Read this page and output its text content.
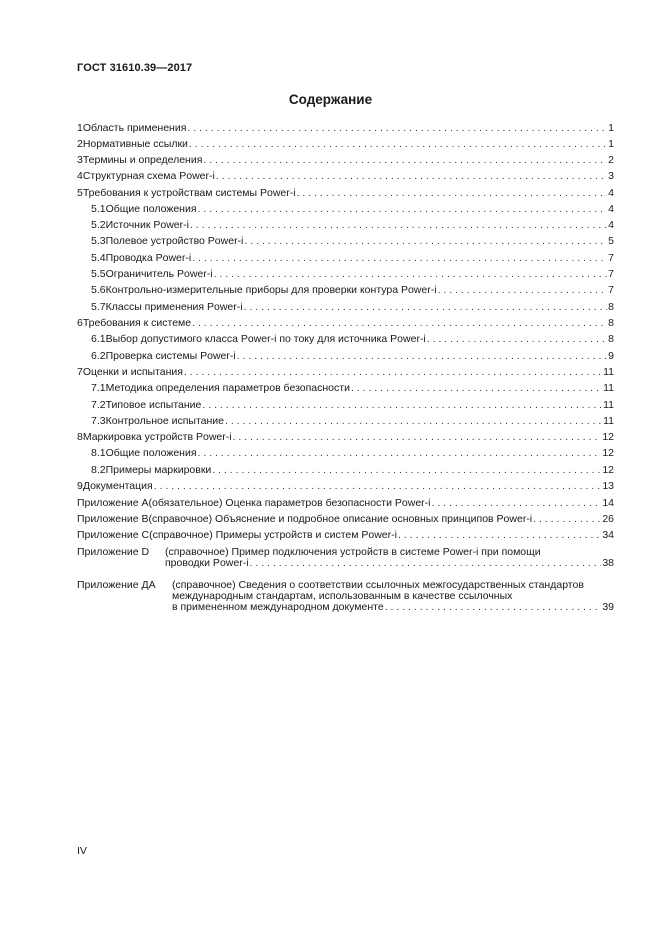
ГОСТ 31610.39—2017
Содержание
1 Область применения . . .	1
2 Нормативные ссылки . . .	1
3 Термины и определения . . .	2
4 Структурная схема Power-i . . .	3
5 Требования к устройствам системы Power-i . . .	4
5.1 Общие положения . . .	4
5.2 Источник Power-i . . .	4
5.3 Полевое устройство Power-i . . .	5
5.4 Проводка Power-i . . .	7
5.5 Ограничитель Power-i . . .	7
5.6 Контрольно-измерительные приборы для проверки контура Power-i . . .	7
5.7 Классы применения Power-i . . .	8
6 Требования к системе . . .	8
6.1 Выбор допустимого класса Power-i по току для источника Power-i . . .	8
6.2 Проверка системы Power-i . . .	9
7 Оценки и испытания . . .	11
7.1 Методика определения параметров безопасности . . .	11
7.2 Типовое испытание . . .	11
7.3 Контрольное испытание . . .	11
8 Маркировка устройств Power-i . . .	12
8.1 Общие положения . . .	12
8.2 Примеры маркировки . . .	12
9 Документация . . .	13
Приложение А (обязательное) Оценка параметров безопасности Power-i . . .	14
Приложение В (справочное) Объяснение и подробное описание основных принципов Power-i . . .	26
Приложение С (справочное) Примеры устройств и систем Power-i . . .	34
Приложение D (справочное) Пример подключения устройств в системе Power-i при помощи
проводки Power-i . . .	38
Приложение ДА (справочное) Сведения о соответствии ссылочных межгосударственных стандартов
международным стандартам, использованным в качестве ссылочных
в примененном международном документе . . .	39
IV
